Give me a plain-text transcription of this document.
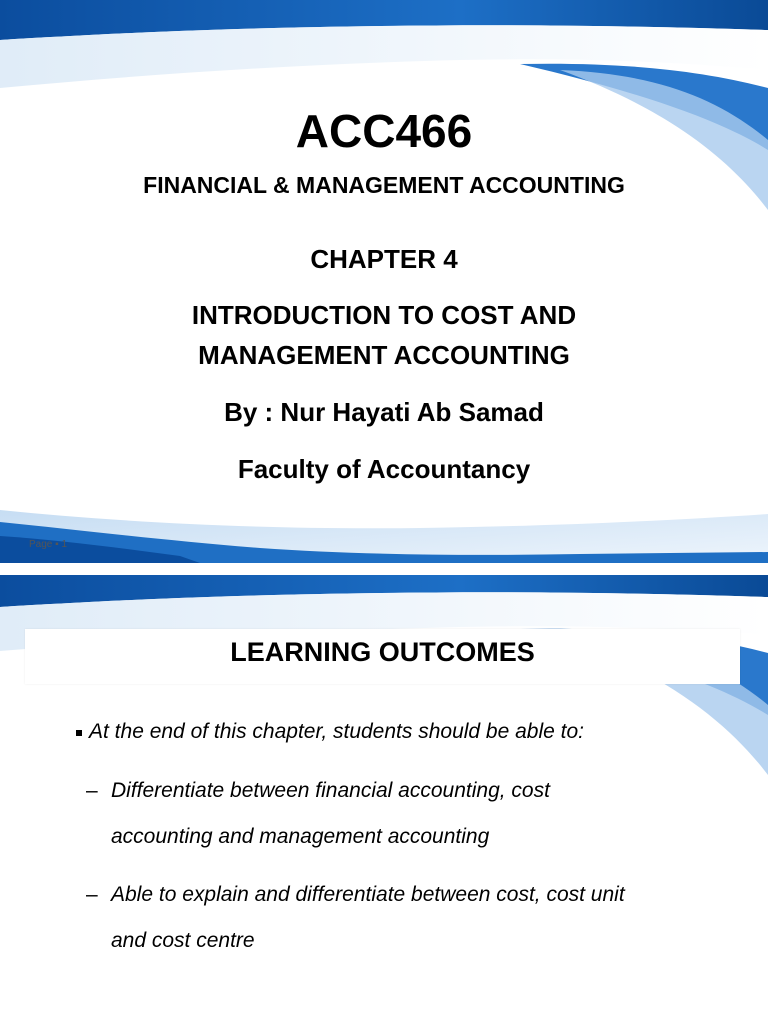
ACC466
FINANCIAL & MANAGEMENT ACCOUNTING
CHAPTER 4
INTRODUCTION TO COST AND
MANAGEMENT ACCOUNTING
By : Nur Hayati Ab Samad
Faculty of Accountancy
Page ▪ 1
LEARNING OUTCOMES
At the end of this chapter, students should be able to:
– Differentiate between financial accounting, cost
accounting and management accounting
– Able to explain and differentiate between cost, cost unit
and cost centre
